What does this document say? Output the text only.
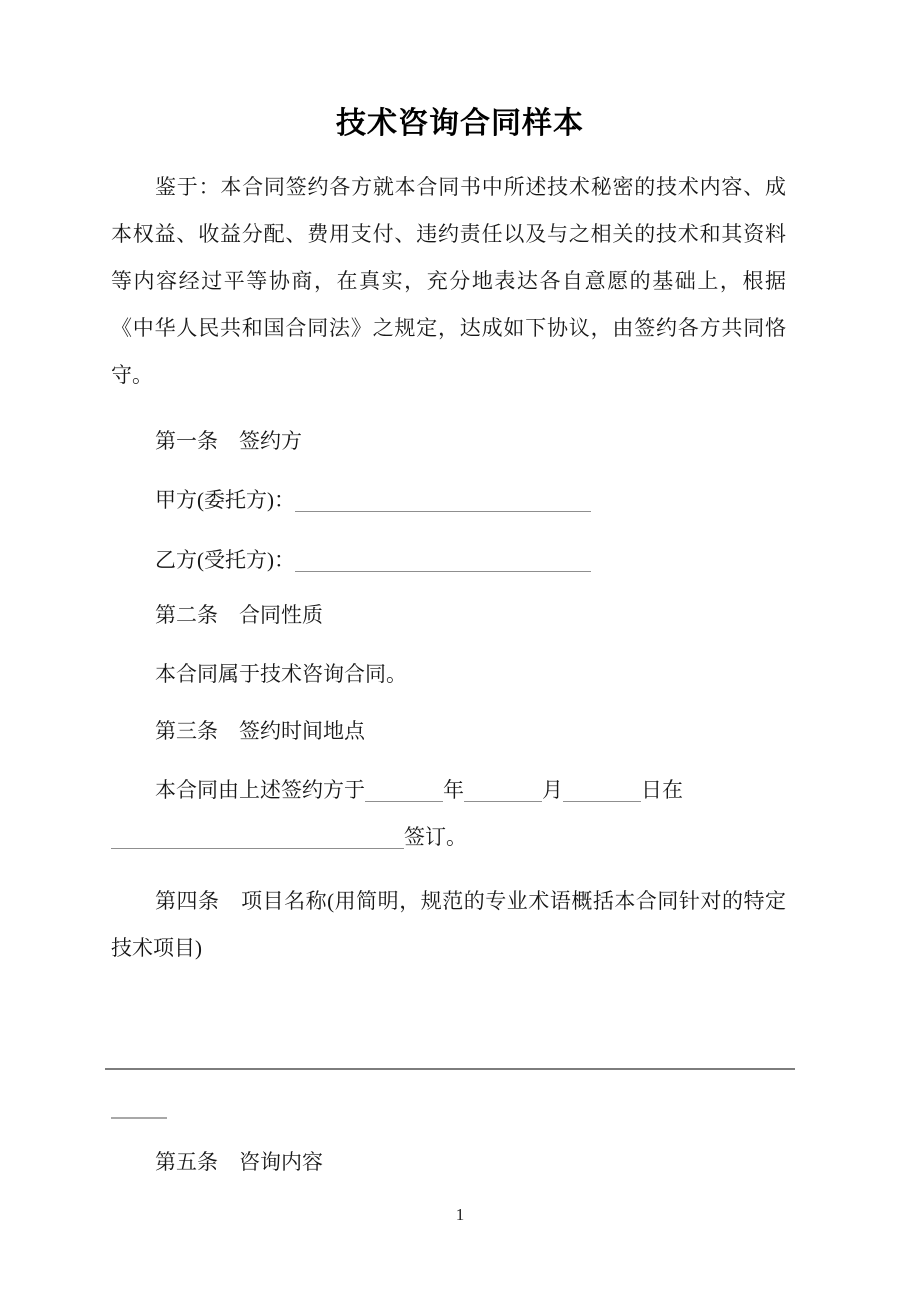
技术咨询合同样本
鉴于：本合同签约各方就本合同书中所述技术秘密的技术内容、成
本权益、收益分配、费用支付、违约责任以及与之相关的技术和其资料
等内容经过平等协商，在真实，充分地表达各自意愿的基础上，根据
《中华人民共和国合同法》之规定，达成如下协议，由签约各方共同恪
守。
第一条　签约方
甲方(委托方)：
乙方(受托方)：
第二条　合同性质
本合同属于技术咨询合同。
第三条　签约时间地点
本合同由上述签约方于	年	月	日在
签订。
第四条　项目名称(用简明，规范的专业术语概括本合同针对的特定
技术项目)
第五条　咨询内容
1
